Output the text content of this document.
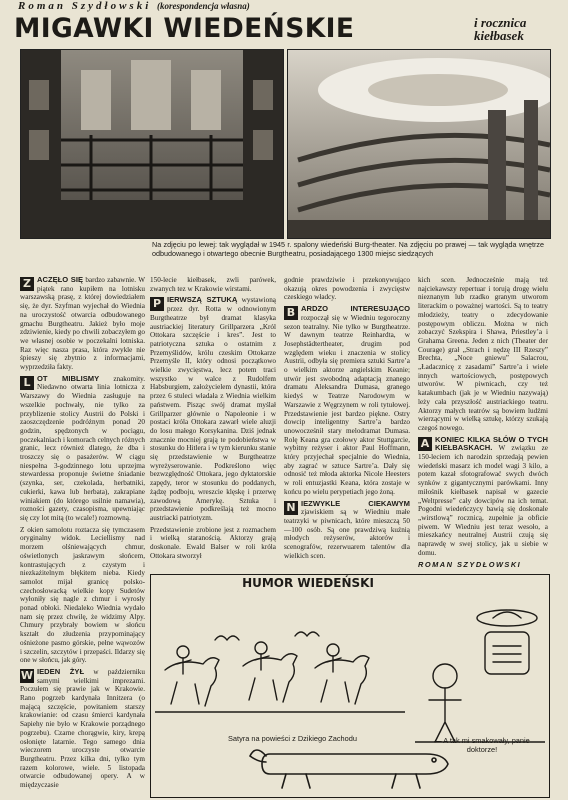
Roman Szydłowski (korespondencja własna)
MIGAWKI WIEDEŃSKIE	i rocznica
kiełbasek
Na zdjęciu po lewej: tak wyglądał w 1945 r. spalony wiedeński Burg-theater. Na zdjęciu po prawej — tak wygląda wnętrze odbudowanego i otwartego obecnie Burgtheatru, posiadającego 1300 miejsc siedzących

Z ACZĘŁO SIĘ bardzo zabawnie. W piątek rano kupiłem na lotnisku warszawską prasę, z której dowiedziałem się, że dyr. Szyfman wyjechał do Wiednia na uroczystość otwarcia odbudowanego gmachu Burgtheatru. Jakież było moje zdziwienie, kiedy po chwili zobaczyłem go we własnej osobie w poczekalni lotniska. Raz więc nasza prasa, która zwykle nie śpieszy się zbytnio z informacjami, wyprzedziła fakty.

L OT MIBLISMY znakomity. Niedawno otwarta linia lotnicza z Warszawy do Wiednia zasługuje na wszelkie pochwały, nie tylko za przyblizenie stolicy Austrii do Polski i zaoszczędzenie podróżnym ponad 20 godzin, spędzonych w pociągu, poczekalniach i komorach celnych różnych granic, lecz również dlatego, że dba i troszczy się o pasażerów. W ciągu niespełna 3-godzinnego lotu uprzejma stewardessa proponuje świetne śniadanie (szynka, ser, czekolada, herbatniki, cukierki, kawa lub herbata), zakrapiane winiakiem (do którego usilnie namawia), rozności gazety, czasopisma, upewniając się czy lot mitą (to wcale!) rozmowną.

Z okien samolotu roztacza się tymczasem oryginalny widok. Leciellismy nad morzem olśniewających chmur, oświetlonych jaskrawym słońcem, kontrastujących z czystym i niezkażitelnym błękitem nieba. Kiedy samolot mijał granicę polsko-czechosłowacką wielkie kopy Sudetów wyłoniły się nagle z chmur i wyrosły ponad obłoki. Niedaleko Wiednia wydało nam się przez chwilę, że widzimy Alpy. Chmury przybrały bowiem w słońcu kształt do złudzenia przypominający ośnieżone pasmo górskie, pełne wąwozów i szczelin, szczytów i przepaści. Ildarzy się one w słońcu, jak góry.

W IEDEN ŻYŁ w październiku samymi wielkimi imprezami. Poczułem się prawie jak w Krakowie. Rano pogrzeb kardynała Innitzera (o mającą szczęście, powitaniem starszy krakowianie: od czasu śmierci kardynała Sapiehy nie było w Krakowie porządnego pogrzebu). Czarne chorągwie, kiry, krepą osłonięte latarnie. Tego samego dnia wieczorem uroczyste otwarcie Burgtheatru. Przez kilka dni, tylko tym razem kolorowe, wiele. 5 listopada otwarcie odbudowanej opery. A w międzyczasie

150-lecie kiełbasek, zwli parówek, zwanych tez w Krakowie wirstami.

P IERWSZĄ SZTUKĄ wystawioną przez dyr. Rotta w odnowionym Burgtheatrze był dramat klasyka austriackiej literatury Grillparzera „Król Ottokara szczęście i kres”. Jest to patriotyczna sztuka o ostatnim z Przemyślidów, królu czeskim Ottokarze Przemyśle II, który odnosi początkowo wielkie zwycięstwa, lecz potem traci wszystko w walce z Rudolfem Habsburgiem, założycielem dynastii, która przez 6 stuleci władała z Wiednia wielkim państwem. Pisząc swój dramat myślał Grillparzer głównie o Napoleonie i w postaci króla Ottokara zawarł wiele aluzji do losu małego Korsykanina. Dziś jednak znacznie mocniej grają te podobieństwa w stosunku do Hitlera i w tym kierunku stanie się przedstawienie w Burgtheatrze wyreżyserowanie. Podkreślono więc bezwzględność Ottokara, jego dyktatorskie zapędy, teror w stosunku do poddanych, żądzę podboju, wreszcie klęskę i przerwę zawodową Amerykę. Sztuka i przedstawienie podkreślają też mocno austriacki patriotyzm.

Przedstawienie zrobione jest z rozmachem i wielką staranością. Aktorzy grają doskonale. Ewald Balser w roli króla Ottokara stworzył

godnie prawdziwie i przekonywująco okazują okres powodzenia i zwycięstw czeskiego władcy.

B ARDZO INTERESUJĄCO rozpoczął się w Wiedniu tegoroczny sezon teatralny. Nie tylko w Burgtheatrze. W dawnym teatrze Reinhardta, w Josephstädtertheater, drugim pod względem wieku i znaczenia w stolicy Austrii, odbyła się premiera sztuki Sartre’a o wielkim aktorze angielskim Keanie; utwór jest swobodną adaptacją znanego dramatu Aleksandra Dumasa, granego kiedyś w Teatrze Narodowym w Warszawie z Węgrzynem w roli tytułowej. Przedstawienie jest bardzo piękne. Ostry dowcip inteligentny Sartre’a bardzo unowocześnił stary melodramat Dumasa. Rolę Keana gra czołowy aktor Stuttgarcie, wybitny reżyser i aktor Paul Hoffmann, który przyjechał specjalnie do Wiednia, aby zagrać w sztuce Sartre’a. Dały się odnosić też młoda aktorka Nicole Heesters w roli entuzjastki Keana, która zostaje w końcu po wielu perypetiach jego żoną.

N IEZWYKLE CIEKAWYM zjawiskiem są w Wiedniu małe teatrzyki w piwnicach, które mieszczą 50—100 osób. Są one prawdziwą kuźnią młodych reżyserów, aktorów i scenografów, rezerwuarem talentów dla wielkich scen.

kich scen. Jednocześnie mają też najciekawszy repertuar i torują drogę wielu nieznanym lub rzadko granym utworom literackim o poważnej wartości. Są to teatry młodzieży, teatry o zdecydowanie postępowym obliczu. Można w nich zobaczyć Szekspira i Shawa, Priestley’a i Grahama Greena. Jeden z nich (Theater der Courage) grał „Strach i nędzę III Rzeszy” Brechta, „Noce gniewu” Salacrou, „Ładacznicę z zasadami” Sartre’a i wiele innych wartościowych, postępowych utworów. W piwnicach, czy też katakumbach (jak je w Wiedniu nazywają) leży cała przyszłość austriackiego teatru. Aktorzy małych teatrów są bowiem ludźmi wierzącymi w wielką sztukę, którzy szukają czegoś nowego.

A KONIEC KILKA SŁÓW O TYCH KIEŁBASKACH. W związku ze 150-leciem ich narodzin sprzedają pewien wiedeński masarz ich model wagi 3 kilo, a potem kazał sfotografować swych dwóch synków z gigantycznymi parówkami. Inny miłośnik kiełbasek napisał w gazecie „Weltpresse” cały dowcipów na ich temat. Pogodni wiedeńczycy bawią się doskonale „wirstlową” rocznicą, zupełnie ja obficie piwem. W Wiedniu jest teraz wesoło, a mieszkańcy neutralnej Austrii czują się naprawdę w swej stolicy, jak u siebie w domu.

ROMAN SZYDŁOWSKI

HUMOR WIEDEŃSKI
Satyra na powieści z Dzikiego Zachodu	— A tak mi smakowały, panie
doktorze!
